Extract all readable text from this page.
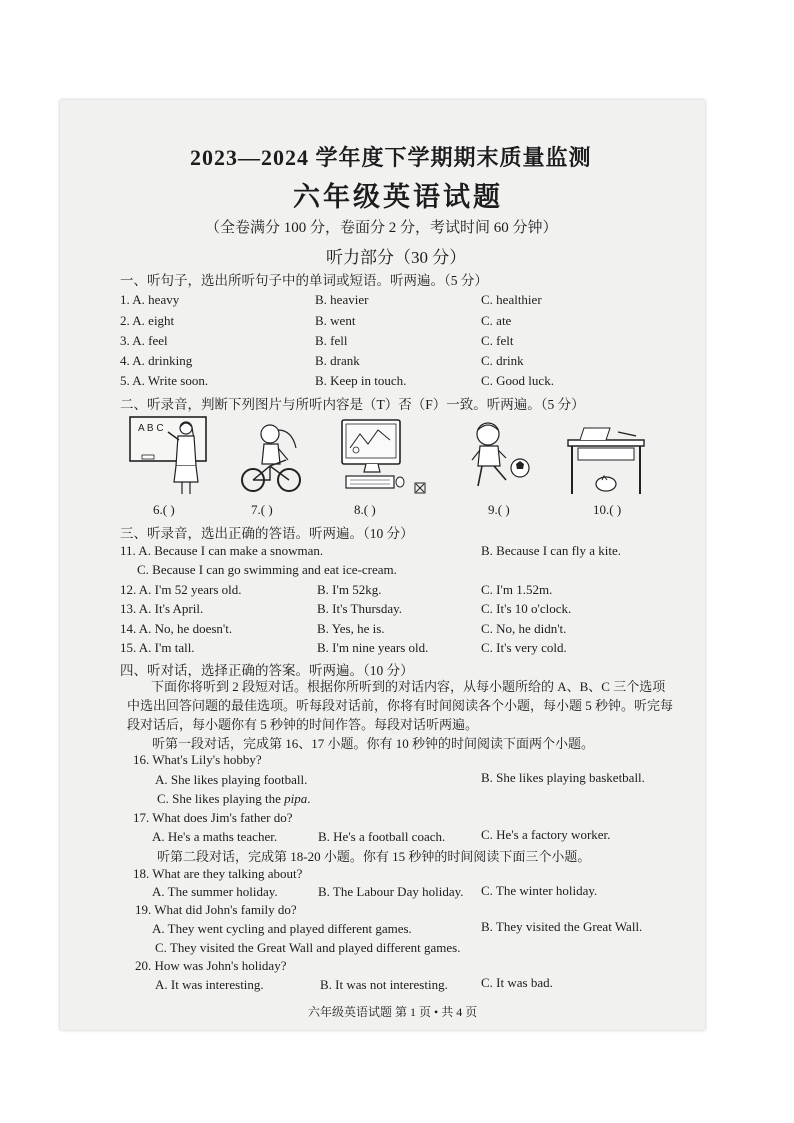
2023—2024 学年度下学期期末质量监测
六年级英语试题
（全卷满分 100 分，卷面分 2 分，考试时间 60 分钟）
听力部分（30 分）
一、听句子，选出所听句子中的单词或短语。听两遍。（5 分）
1. A. heavy	B. heavier	C. healthier
2. A. eight	B. went	C. ate
3. A. feel	B. fell	C. felt
4. A. drinking	B. drank	C. drink
5. A. Write soon.	B. Keep in touch.	C. Good luck.
二、听录音，判断下列图片与所听内容是（T）否（F）一致。听两遍。（5 分）
A B C
6.( )	7.( )	8.( )	9.( )	10.( )
三、听录音，选出正确的答语。听两遍。（10 分）
11. A. Because I can make a snowman.	B. Because I can fly a kite.
C. Because I can go swimming and eat ice-cream.
12. A. I'm 52 years old.	B. I'm 52kg.	C. I'm 1.52m.
13. A. It's April.	B. It's Thursday.	C. It's 10 o'clock.
14. A. No, he doesn't.	B. Yes, he is.	C. No, he didn't.
15. A. I'm tall.	B. I'm nine years old.	C. It's very cold.
四、听对话，选择正确的答案。听两遍。（10 分）
下面你将听到 2 段短对话。根据你所听到的对话内容，从每小题所给的 A、B、C 三个选项中选出回答问题的最佳选项。听每段对话前，你将有时间阅读各个小题，每小题 5 秒钟。听完每段对话后，每小题你有 5 秒钟的时间作答。每段对话听两遍。
听第一段对话，完成第 16、17 小题。你有 10 秒钟的时间阅读下面两个小题。
16. What's Lily's hobby?
A. She likes playing football.	B. She likes playing basketball.
C. She likes playing the pipa.
17. What does Jim's father do?
A. He's a maths teacher.	B. He's a football coach.	C. He's a factory worker.
听第二段对话，完成第 18-20 小题。你有 15 秒钟的时间阅读下面三个小题。
18. What are they talking about?
A. The summer holiday.	B. The Labour Day holiday. C. The winter holiday.
19. What did John's family do?
A. They went cycling and played different games.	B. They visited the Great Wall.
C. They visited the Great Wall and played different games.
20. How was John's holiday?
A. It was interesting.	B. It was not interesting.	C. It was bad.
六年级英语试题 第 1 页 • 共 4 页
